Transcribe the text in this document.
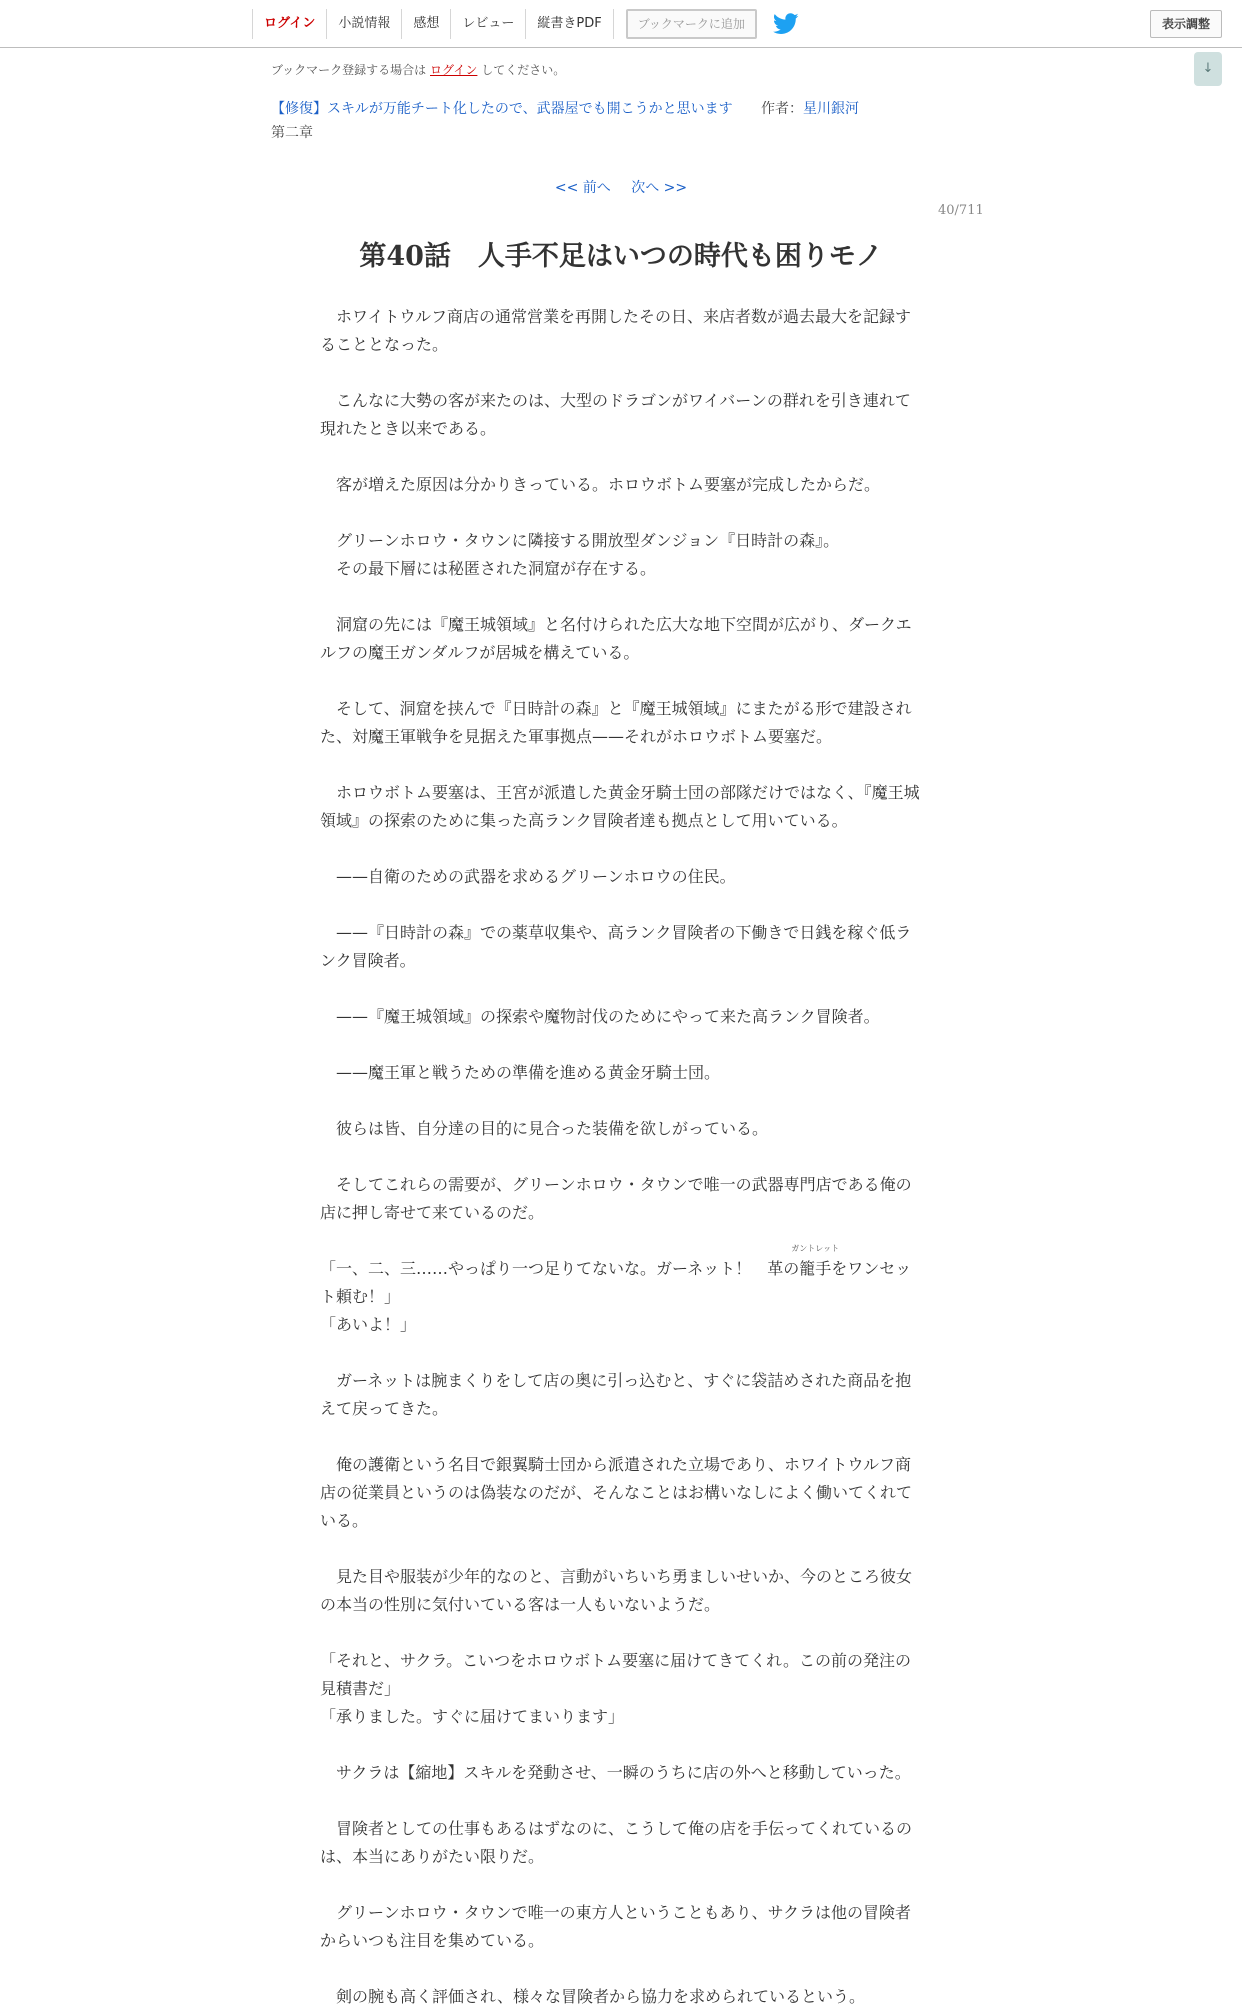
ログイン	小説情報	感想	レビュー	縦書きPDF	ブックマークに追加	表示調整
↓
ブックマーク登録する場合は ログイン してください。
【修復】スキルが万能チート化したので、武器屋でも開こうかと思います 作者：星川銀河
第二章
<< 前へ 次へ >>
40/711
第40話　人手不足はいつの時代も困りモノ
　ホワイトウルフ商店の通常営業を再開したその日、来店者数が過去最大を記録することとなった。
　こんなに大勢の客が来たのは、大型のドラゴンがワイバーンの群れを引き連れて現れたとき以来である。
　客が増えた原因は分かりきっている。ホロウボトム要塞が完成したからだ。
　グリーンホロウ・タウンに隣接する開放型ダンジョン『日時計の森』。
　その最下層には秘匿された洞窟が存在する。
　洞窟の先には『魔王城領域』と名付けられた広大な地下空間が広がり、ダークエルフの魔王ガンダルフが居城を構えている。
　そして、洞窟を挟んで『日時計の森』と『魔王城領域』にまたがる形で建設された、対魔王軍戦争を見据えた軍事拠点——それがホロウボトム要塞だ。
　ホロウボトム要塞は、王宮が派遣した黄金牙騎士団の部隊だけではなく、『魔王城領域』の探索のために集った高ランク冒険者達も拠点として用いている。
　——自衛のための武器を求めるグリーンホロウの住民。
　——『日時計の森』での薬草収集や、高ランク冒険者の下働きで日銭を稼ぐ低ランク冒険者。
　——『魔王城領域』の探索や魔物討伐のためにやって来た高ランク冒険者。
　——魔王軍と戦うための準備を進める黄金牙騎士団。
　彼らは皆、自分達の目的に見合った装備を欲しがっている。
　そしてこれらの需要が、グリーンホロウ・タウンで唯一の武器専門店である俺の店に押し寄せて来ているのだ。
「一、二、三……やっぱり一つ足りてないな。ガーネット！　革の籠手
ガントレット
をワンセット頼む！」
「あいよ！」
　ガーネットは腕まくりをして店の奥に引っ込むと、すぐに袋詰めされた商品を抱えて戻ってきた。
　俺の護衛という名目で銀翼騎士団から派遣された立場であり、ホワイトウルフ商店の従業員というのは偽装なのだが、そんなことはお構いなしによく働いてくれている。
　見た目や服装が少年的なのと、言動がいちいち勇ましいせいか、今のところ彼女の本当の性別に気付いている客は一人もいないようだ。
「それと、サクラ。こいつをホロウボトム要塞に届けてきてくれ。この前の発注の見積書だ」
「承りました。すぐに届けてまいります」
　サクラは【縮地】スキルを発動させ、一瞬のうちに店の外へと移動していった。
　冒険者としての仕事もあるはずなのに、こうして俺の店を手伝ってくれているのは、本当にありがたい限りだ。
　グリーンホロウ・タウンで唯一の東方人ということもあり、サクラは他の冒険者からいつも注目を集めている。
　剣の腕も高く評価され、様々な冒険者から協力を求められているという。
